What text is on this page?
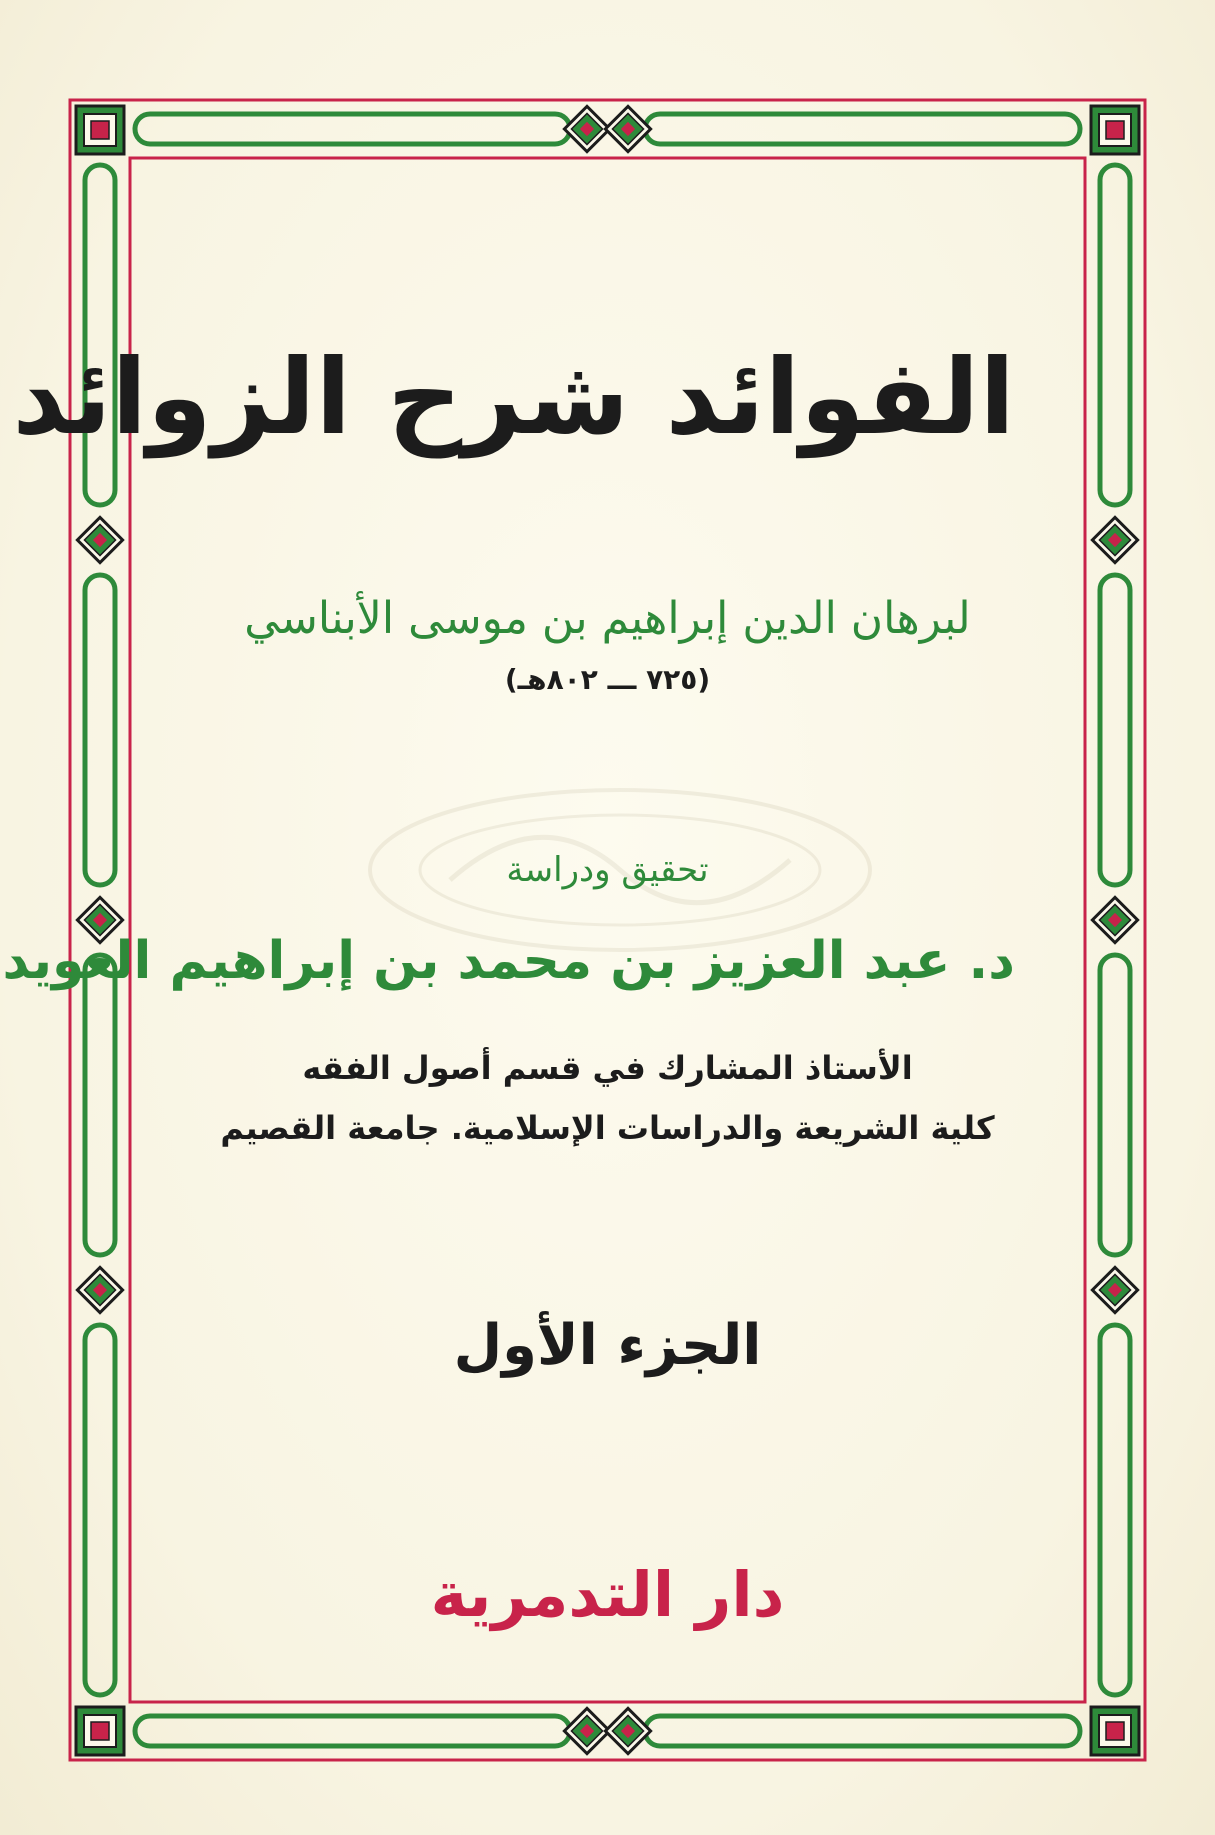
الفوائد شرح الزوائد
لبرهان الدين إبراهيم بن موسى الأبناسي
(٧٢٥ ـــ ٨٠٢هـ)
تحقيق ودراسة
د. عبد العزيز بن محمد بن إبراهيم العويد
الأستاذ المشارك في قسم أصول الفقه
كلية الشريعة والدراسات الإسلامية. جامعة القصيم
الجزء الأول
دار التدمرية
